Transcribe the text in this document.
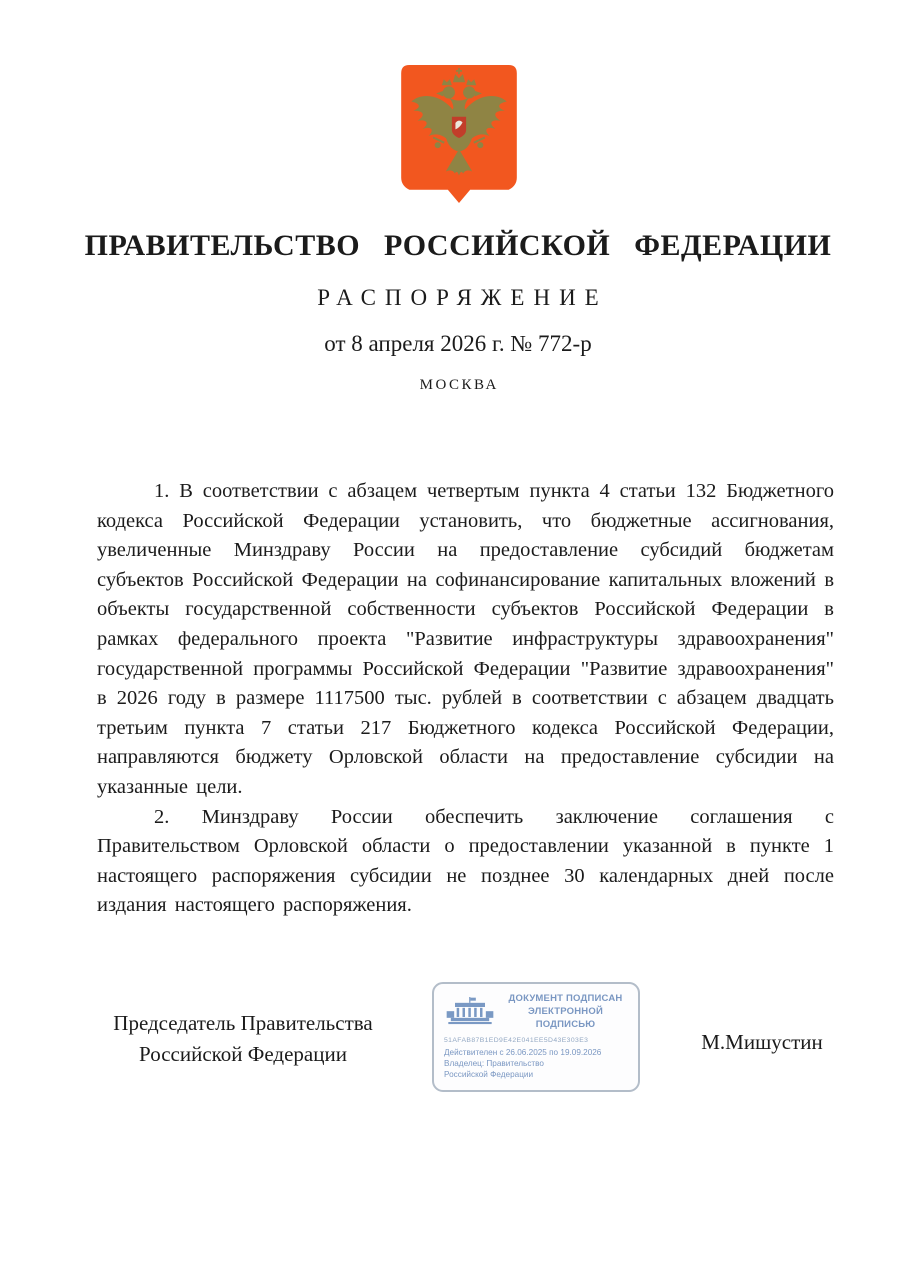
ПРАВИТЕЛЬСТВО РОССИЙСКОЙ ФЕДЕРАЦИИ
РАСПОРЯЖЕНИЕ
от 8 апреля 2026 г. № 772-р
МОСКВА

1. В соответствии с абзацем четвертым пункта 4 статьи 132 Бюджетного кодекса Российской Федерации установить, что бюджетные ассигнования, увеличенные Минздраву России на предоставление субсидий бюджетам субъектов Российской Федерации на софинансирование капитальных вложений в объекты государственной собственности субъектов Российской Федерации в рамках федерального проекта "Развитие инфраструктуры здравоохранения" государственной программы Российской Федерации "Развитие здравоохранения" в 2026 году в размере 1117500 тыс. рублей в соответствии с абзацем двадцать третьим пункта 7 статьи 217 Бюджетного кодекса Российской Федерации, направляются бюджету Орловской области на предоставление субсидии на указанные цели.

2. Минздраву России обеспечить заключение соглашения с Правительством Орловской области о предоставлении указанной в пункте 1 настоящего распоряжения субсидии не позднее 30 календарных дней после издания настоящего распоряжения.

Председатель Правительства
Российской Федерации
ДОКУМЕНТ ПОДПИСАН
ЭЛЕКТРОННОЙ ПОДПИСЬЮ
51AFAB87B1ED9E42E041EE5D43E303E3
Действителен с 26.06.2025 по 19.09.2026
Владелец: Правительство Российской Федерации
М.Мишустин
